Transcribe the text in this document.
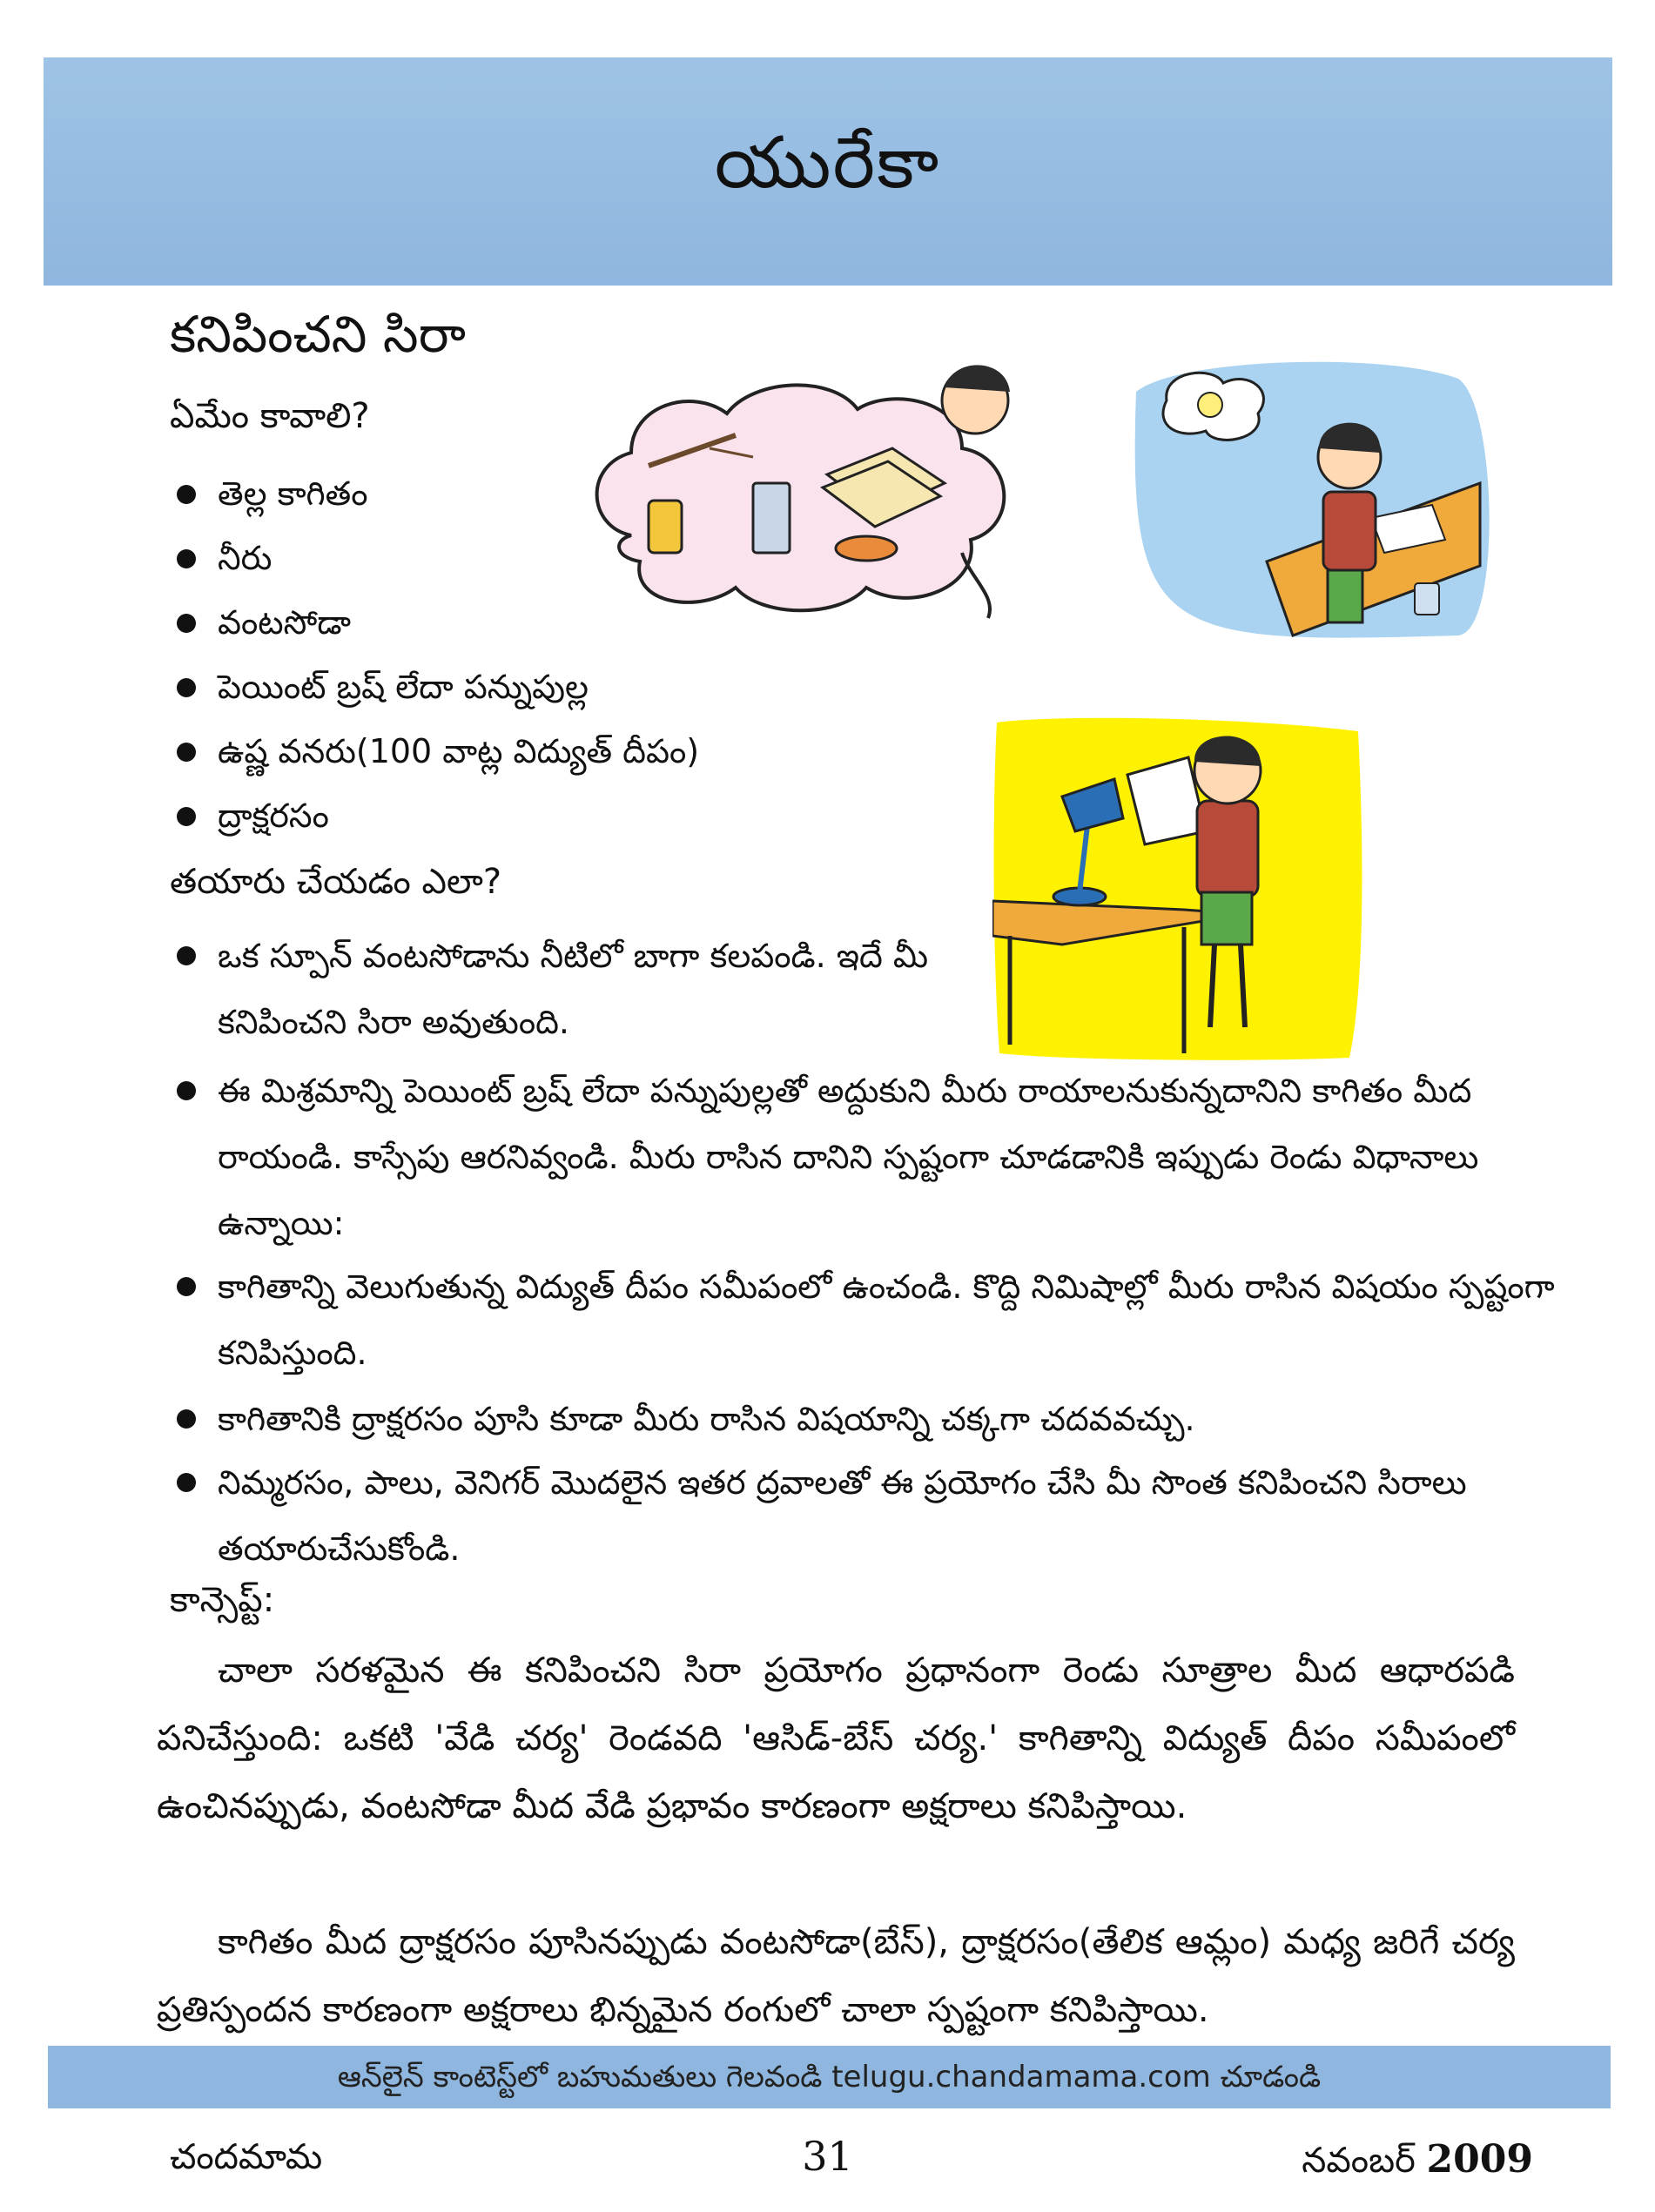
యురేకా
కనిపించని సిరా
ఏమేం కావాలి?
తెల్ల కాగితం
నీరు
వంటసోడా
పెయింట్ బ్రష్ లేదా పన్నుపుల్ల
ఉష్ణ వనరు(100 వాట్ల విద్యుత్ దీపం)
ద్రాక్షరసం
తయారు చేయడం ఎలా?
ఒక స్పూన్ వంటసోడాను నీటిలో బాగా కలపండి. ఇదే మీ కనిపించని సిరా అవుతుంది.
ఈ మిశ్రమాన్ని పెయింట్ బ్రష్ లేదా పన్నుపుల్లతో అద్దుకుని మీరు రాయాలనుకున్నదానిని కాగితం మీద రాయండి. కాస్సేపు ఆరనివ్వండి. మీరు రాసిన దానిని స్పష్టంగా చూడడానికి ఇప్పుడు రెండు విధానాలు ఉన్నాయి:
కాగితాన్ని వెలుగుతున్న విద్యుత్ దీపం సమీపంలో ఉంచండి. కొద్ది నిమిషాల్లో మీరు రాసిన విషయం స్పష్టంగా కనిపిస్తుంది.
కాగితానికి ద్రాక్షరసం పూసి కూడా మీరు రాసిన విషయాన్ని చక్కగా చదవవచ్చు.
నిమ్మరసం, పాలు, వెనిగర్ మొదలైన ఇతర ద్రవాలతో ఈ ప్రయోగం చేసి మీ సొంత కనిపించని సిరాలు తయారుచేసుకోండి.
కాన్సెప్ట్:
చాలా సరళమైన ఈ కనిపించని సిరా ప్రయోగం ప్రధానంగా రెండు సూత్రాల మీద ఆధారపడి పనిచేస్తుంది: ఒకటి 'వేడి చర్య' రెండవది 'ఆసిడ్-బేస్ చర్య.' కాగితాన్ని విద్యుత్ దీపం సమీపంలో ఉంచినప్పుడు, వంటసోడా మీద వేడి ప్రభావం కారణంగా అక్షరాలు కనిపిస్తాయి.
కాగితం మీద ద్రాక్షరసం పూసినప్పుడు వంటసోడా(బేస్), ద్రాక్షరసం(తేలిక ఆమ్లం) మధ్య జరిగే చర్య ప్రతిస్పందన కారణంగా అక్షరాలు భిన్నమైన రంగులో చాలా స్పష్టంగా కనిపిస్తాయి.
ఆన్‌లైన్ కాంటెస్ట్‌లో బహుమతులు గెలవండి telugu.chandamama.com చూడండి
చందమామ	31	నవంబర్ 2009
